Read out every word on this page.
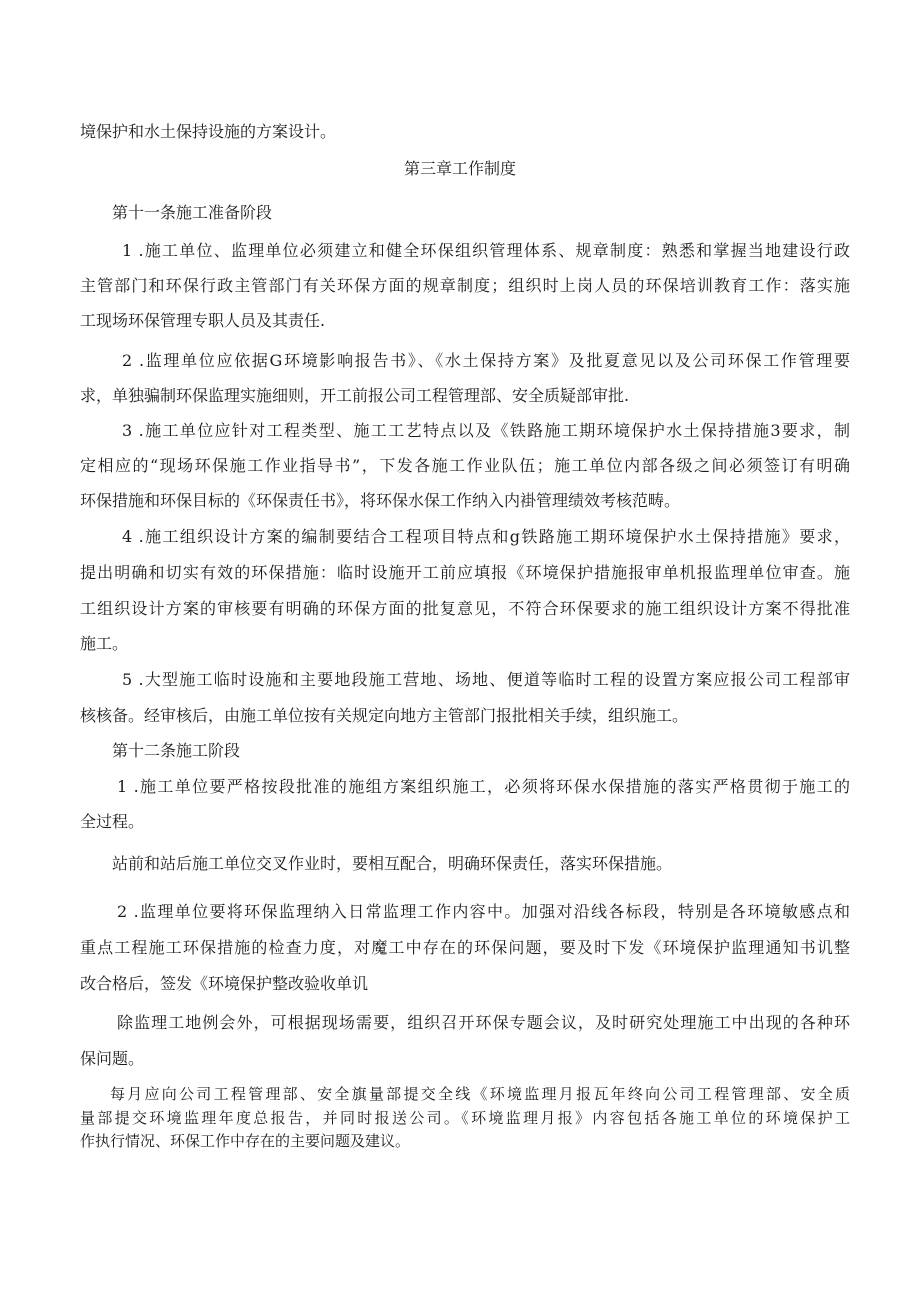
境保护和水土保持设施的方案设计。
第三章工作制度
第十一条施工准备阶段
1 .施工单位、监理单位必须建立和健全环保组织管理体系、规章制度：熟悉和掌握当地建设行政
主管部门和环保行政主管部门有关环保方面的规章制度；组织时上岗人员的环保培训教育工作：落实施
工现场环保管理专职人员及其责任.
2 .监理单位应依据G环境影响报告书》、《水土保持方案》及批夏意见以及公司环保工作管理要
求，单独骗制环保监理实施细则，开工前报公司工程管理部、安全质疑部审批.
3 .施工单位应针对工程类型、施工工艺特点以及《铁路施工期环境保护水土保持措施3要求，制
定相应的“现场环保施工作业指导书”，下发各施工作业队伍；施工单位内部各级之间必须签订有明确
环保措施和环保目标的《环保责任书》，将环保水保工作纳入内褂管理绩效考核范畴。
4 .施工组织设计方案的编制要结合工程项目特点和g铁路施工期环境保护水土保持措施》要求，
提出明确和切实有效的环保措施：临时设施开工前应填报《环境保护措施报审单机报监理单位审查。施
工组织设计方案的审核要有明确的环保方面的批复意见，不符合环保要求的施工组织设计方案不得批准
施工。
5 .大型施工临时设施和主要地段施工营地、场地、便道等临时工程的设置方案应报公司工程部审
核核备。经审核后，由施工单位按有关规定向地方主管部门报批相关手续，组织施工。
第十二条施工阶段
1 .施工单位要严格按段批准的施组方案组织施工，必须将环保水保措施的落实严格贯彻于施工的
全过程。
站前和站后施工单位交叉作业时，要相互配合，明确环保责任，落实环保措施。
2 .监理单位要将环保监理纳入日常监理工作内容中。加强对沿线各标段，特别是各环境敏感点和
重点工程施工环保措施的检查力度，对魔工中存在的环保问题，要及时下发《环境保护监理通知书讥整
改合格后，签发《环境保护整改验收单讥
除监理工地例会外，可根据现场需要，组织召开环保专题会议，及时研究处理施工中出现的各种环
保问题。
每月应向公司工程管理部、安全旗量部提交全线《环境监理月报瓦年终向公司工程管理部、安全质
量部提交环境监理年度总报告，并同时报送公司。《环境监理月报》内容包括各施工单位的环境保护工
作执行情况、环保工作中存在的主要问题及建议。
